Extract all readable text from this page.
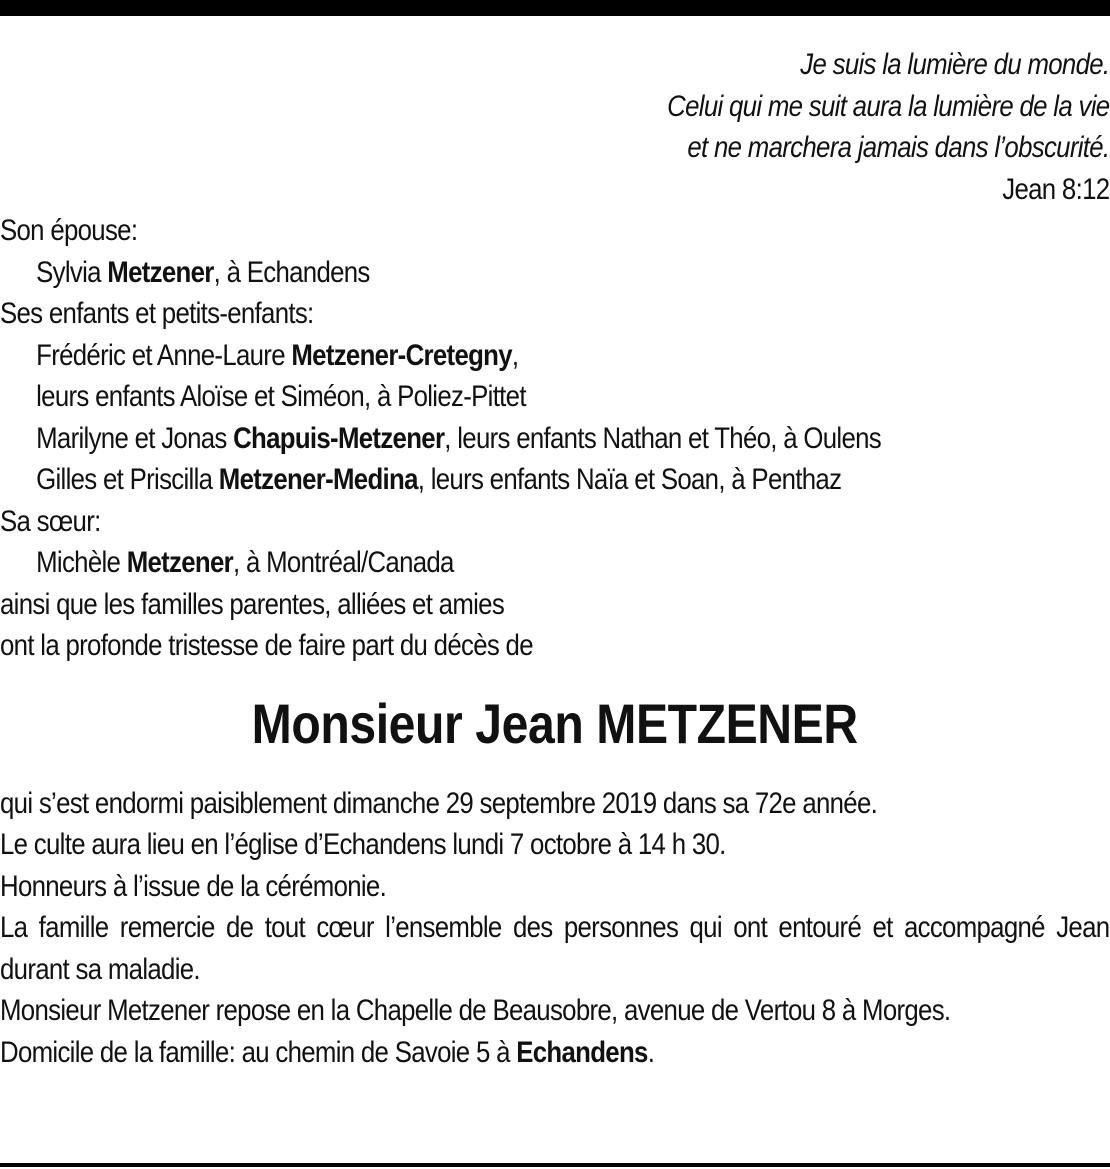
Je suis la lumière du monde.
Celui qui me suit aura la lumière de la vie
et ne marchera jamais dans l’obscurité.
Jean 8:12
Son épouse:
Sylvia Metzener, à Echandens
Ses enfants et petits-enfants:
Frédéric et Anne-Laure Metzener-Cretegny,
leurs enfants Aloïse et Siméon, à Poliez-Pittet
Marilyne et Jonas Chapuis-Metzener, leurs enfants Nathan et Théo, à Oulens
Gilles et Priscilla Metzener-Medina, leurs enfants Naïa et Soan, à Penthaz
Sa sœur:
Michèle Metzener, à Montréal/Canada
ainsi que les familles parentes, alliées et amies
ont la profonde tristesse de faire part du décès de
Monsieur Jean METZENER
qui s’est endormi paisiblement dimanche 29 septembre 2019 dans sa 72e année.
Le culte aura lieu en l’église d’Echandens lundi 7 octobre à 14 h 30.
Honneurs à l’issue de la cérémonie.
La famille remercie de tout cœur l’ensemble des personnes qui ont entouré et accompagné Jean durant sa maladie.
Monsieur Metzener repose en la Chapelle de Beausobre, avenue de Vertou 8 à Morges.
Domicile de la famille: au chemin de Savoie 5 à Echandens.
